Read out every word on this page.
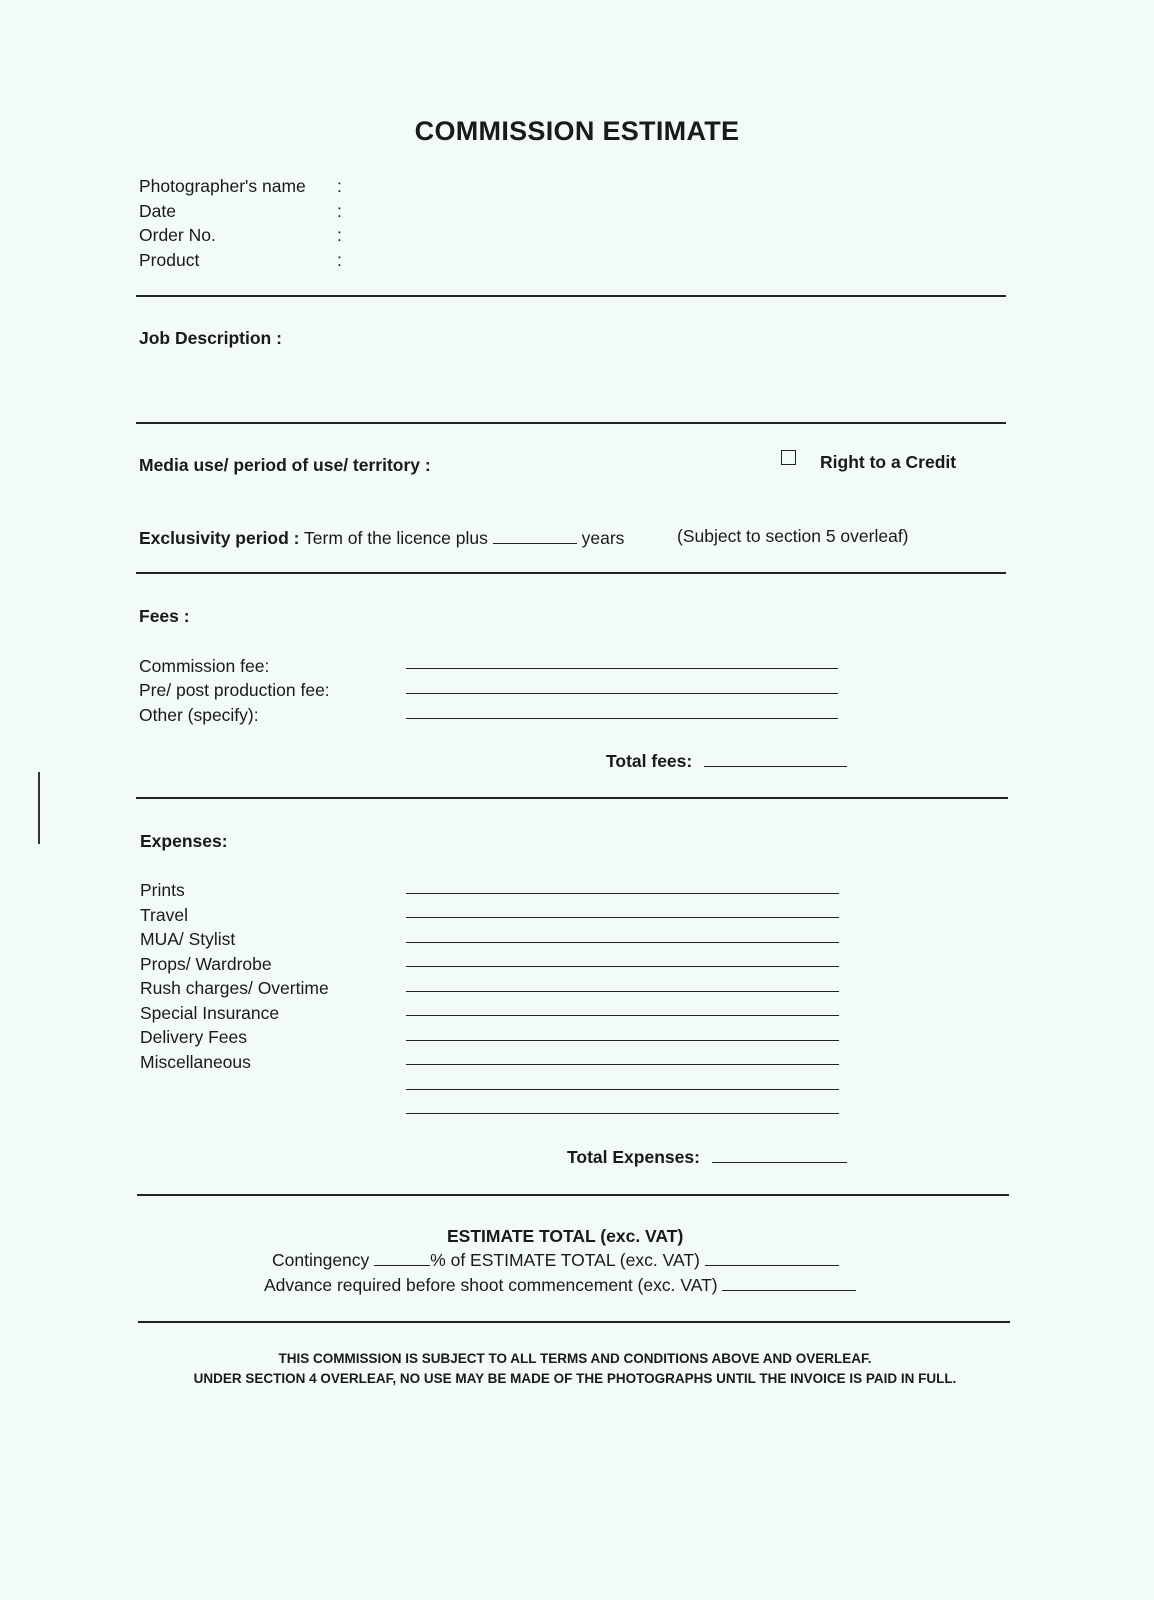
COMMISSION ESTIMATE
Photographer's name :
Date	:
Order No.	:
Product	:
Job Description :
Media use/ period of use/ territory :	Right to a Credit
Exclusivity period : Term of the licence plus	years	(Subject to section 5 overleaf)
Fees :
Commission fee:
Pre/ post production fee:
Other (specify):
Total fees:
Expenses:
Prints
Travel
MUA/ Stylist
Props/ Wardrobe
Rush charges/ Overtime
Special Insurance
Delivery Fees
Miscellaneous
Total Expenses:
ESTIMATE TOTAL (exc. VAT)
Contingency	% of ESTIMATE TOTAL (exc. VAT)
Advance required before shoot commencement (exc. VAT)
THIS COMMISSION IS SUBJECT TO ALL TERMS AND CONDITIONS ABOVE AND OVERLEAF.
UNDER SECTION 4 OVERLEAF, NO USE MAY BE MADE OF THE PHOTOGRAPHS UNTIL THE INVOICE IS PAID IN FULL.
